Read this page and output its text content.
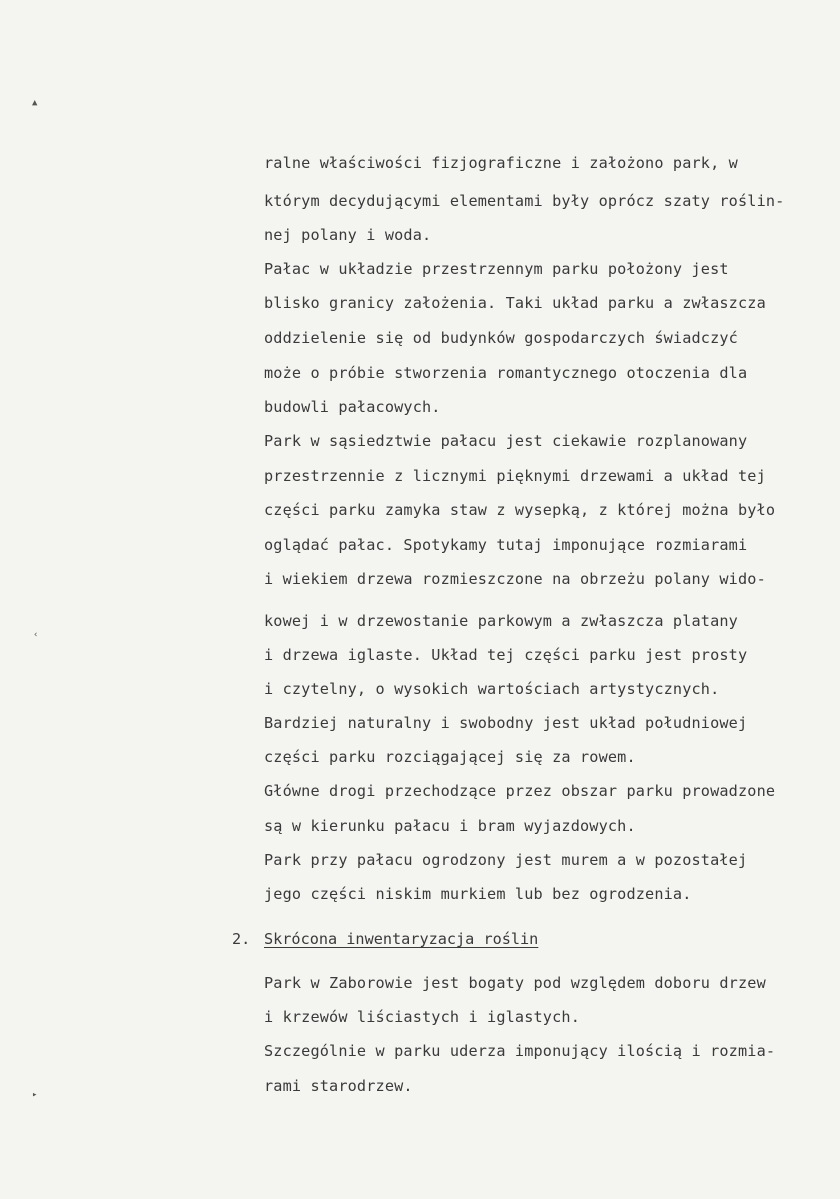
▲
‹
▸
ralne właściwości fizjograficzne i założono park, w
którym decydującymi elementami były oprócz szaty roślin-
nej polany i woda.
Pałac w układzie przestrzennym parku położony jest
blisko granicy założenia. Taki układ parku a zwłaszcza
oddzielenie się od budynków gospodarczych świadczyć
może o próbie stworzenia romantycznego otoczenia dla
budowli pałacowych.
Park w sąsiedztwie pałacu jest ciekawie rozplanowany
przestrzennie z licznymi pięknymi drzewami a układ tej
części parku zamyka staw z wysepką, z której można było
oglądać pałac. Spotykamy tutaj imponujące rozmiarami
i wiekiem drzewa rozmieszczone na obrzeżu polany wido-
kowej i w drzewostanie parkowym a zwłaszcza platany
i drzewa iglaste. Układ tej części parku jest prosty
i czytelny, o wysokich wartościach artystycznych.
Bardziej naturalny i swobodny jest układ południowej
części parku rozciągającej się za rowem.
Główne drogi przechodzące przez obszar parku prowadzone
są w kierunku pałacu i bram wyjazdowych.
Park przy pałacu ogrodzony jest murem a w pozostałej
jego części niskim murkiem lub bez ogrodzenia.
2. Skrócona inwentaryzacja roślin
Park w Zaborowie jest bogaty pod względem doboru drzew
i krzewów liściastych i iglastych.
Szczególnie w parku uderza imponujący ilością i rozmia-
rami starodrzew.
